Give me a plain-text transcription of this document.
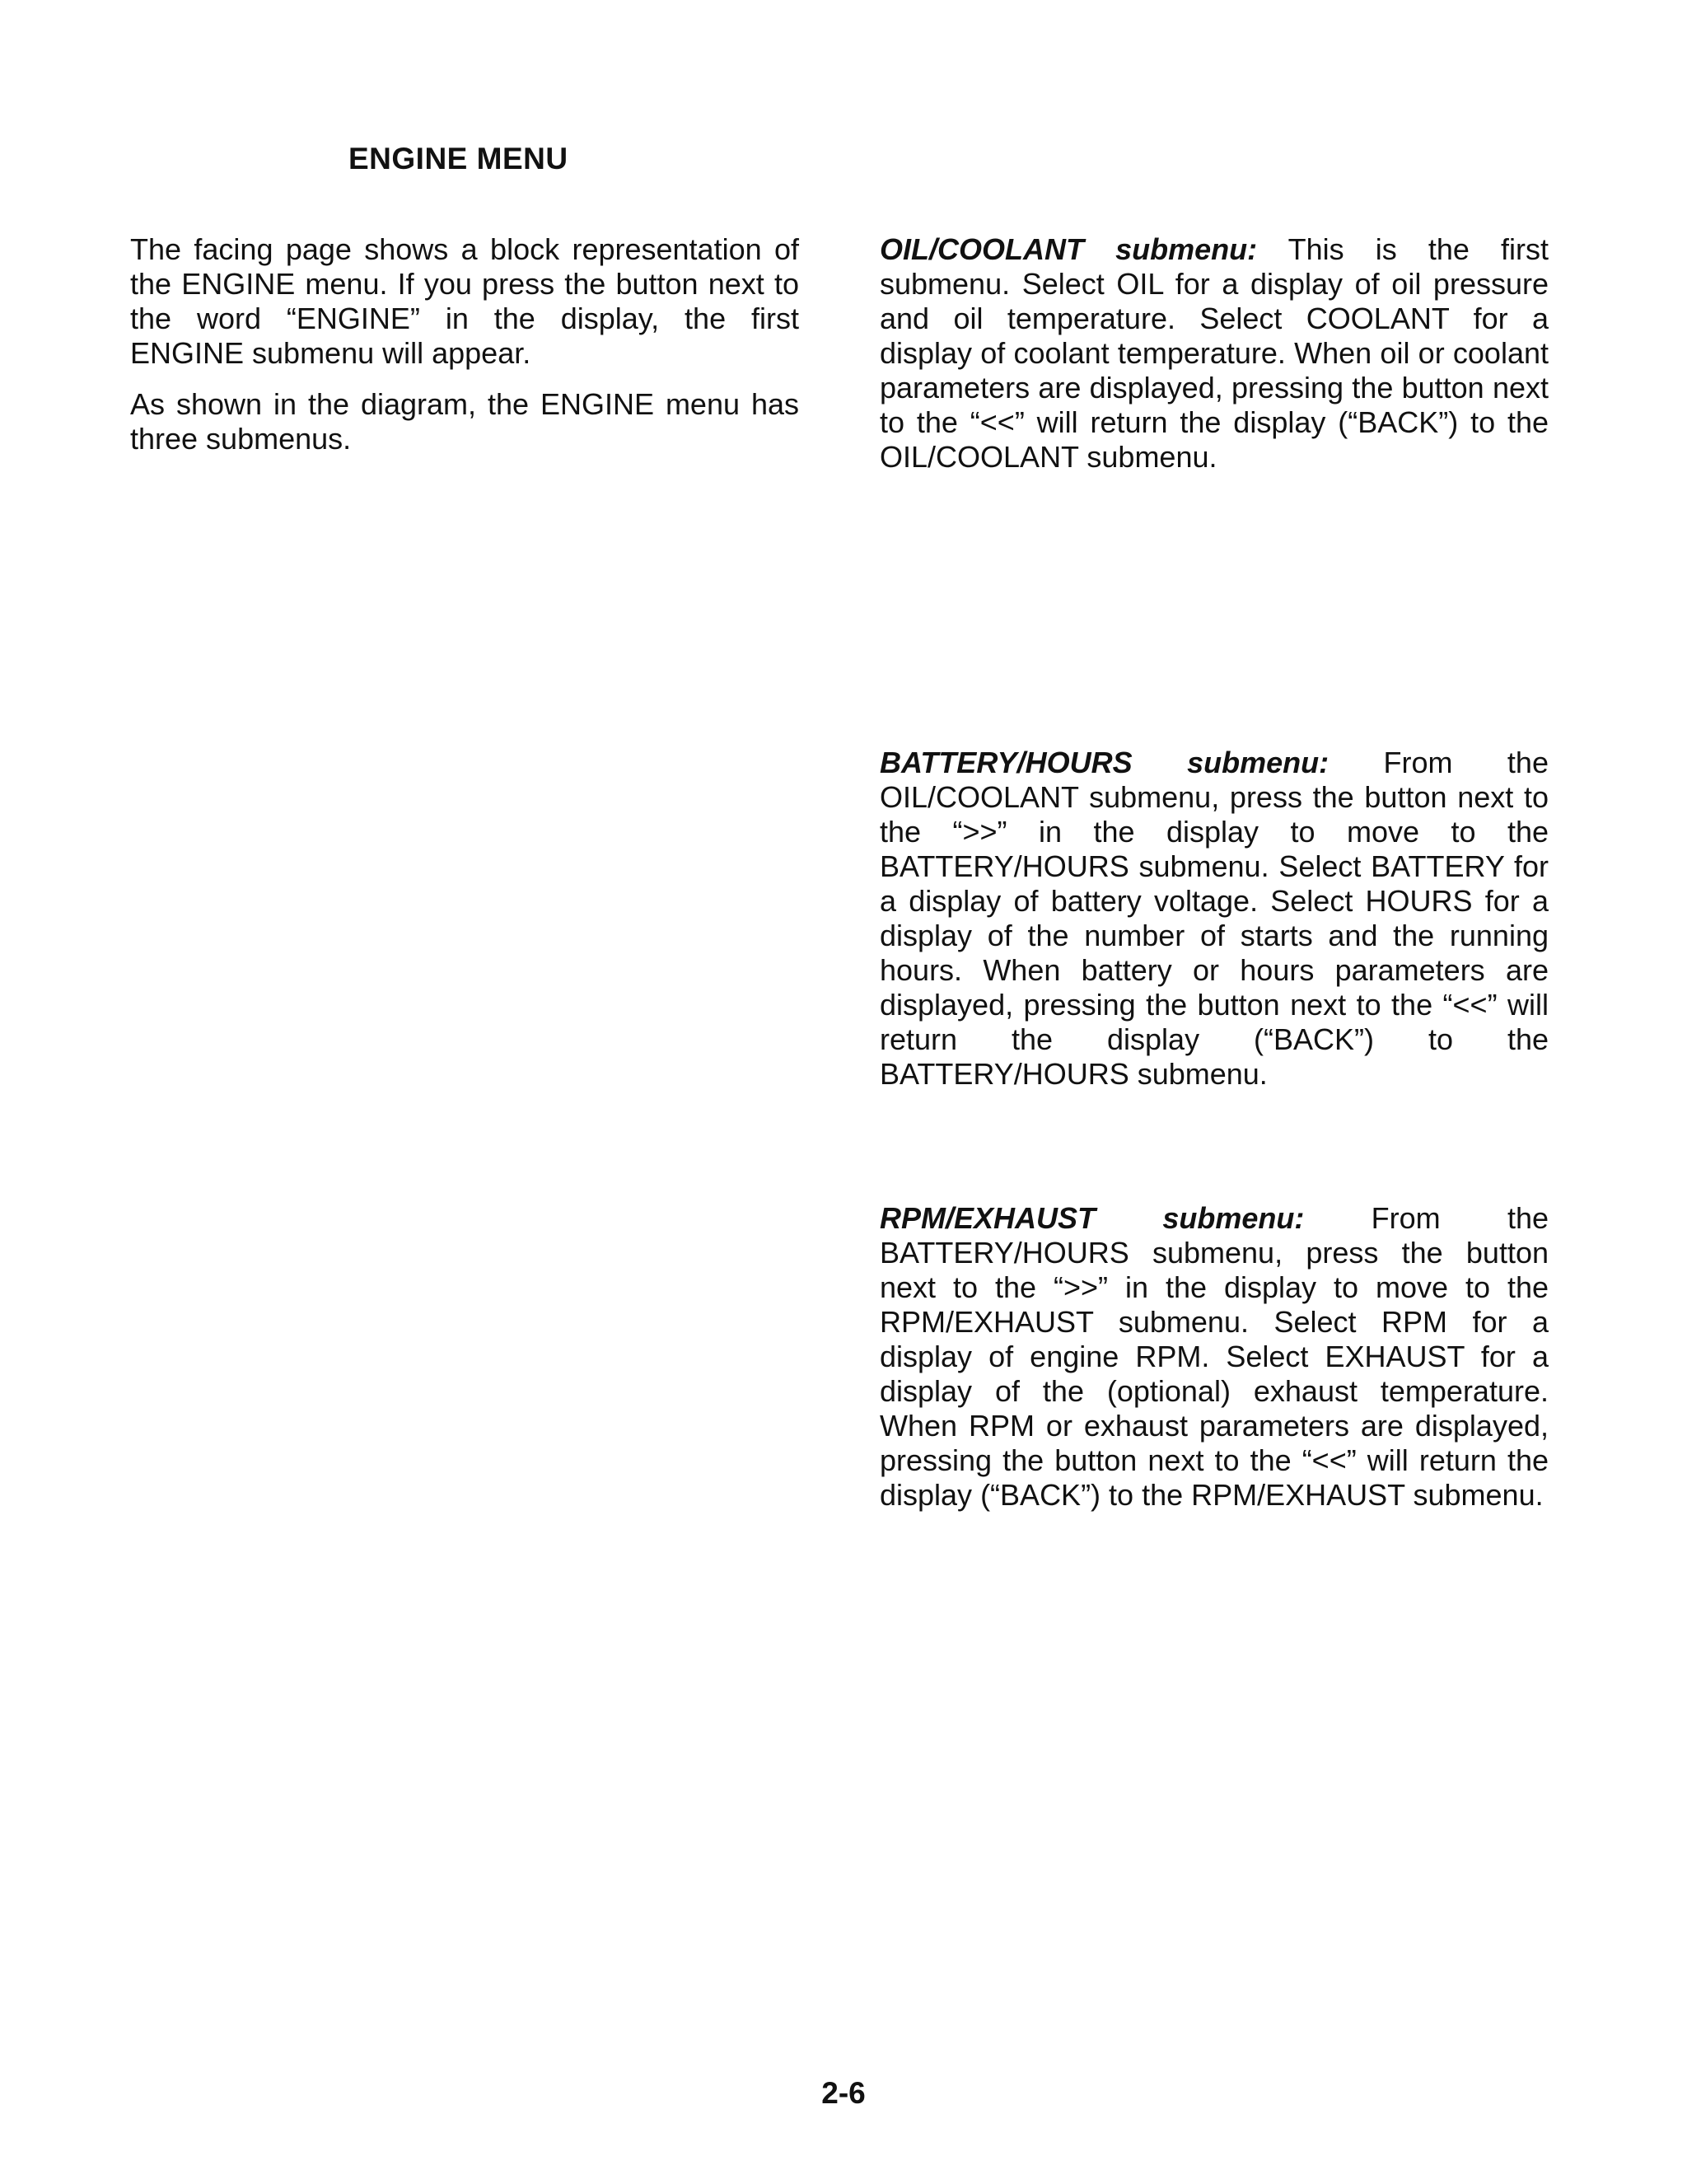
ENGINE MENU

The facing page shows a block representation of the ENGINE menu. If you press the button next to the word “ENGINE” in the display, the first ENGINE submenu will appear.

As shown in the diagram, the ENGINE menu has three submenus.

OIL/COOLANT submenu: This is the first submenu. Select OIL for a display of oil pressure and oil temperature. Select COOLANT for a display of coolant temperature. When oil or coolant parameters are displayed, pressing the button next to the “<<” will return the display (“BACK”) to the OIL/COOLANT submenu.

BATTERY/HOURS submenu: From the OIL/COOLANT submenu, press the button next to the “>>” in the display to move to the BATTERY/HOURS submenu. Select BATTERY for a display of battery voltage. Select HOURS for a display of the number of starts and the running hours. When battery or hours parameters are displayed, pressing the button next to the “<<” will return the display (“BACK”) to the BATTERY/HOURS submenu.

RPM/EXHAUST submenu: From the BATTERY/HOURS submenu, press the button next to the “>>” in the display to move to the RPM/EXHAUST submenu. Select RPM for a display of engine RPM. Select EXHAUST for a display of the (optional) exhaust temperature. When RPM or exhaust parameters are displayed, pressing the button next to the “<<” will return the display (“BACK”) to the RPM/EXHAUST submenu.

2-6
